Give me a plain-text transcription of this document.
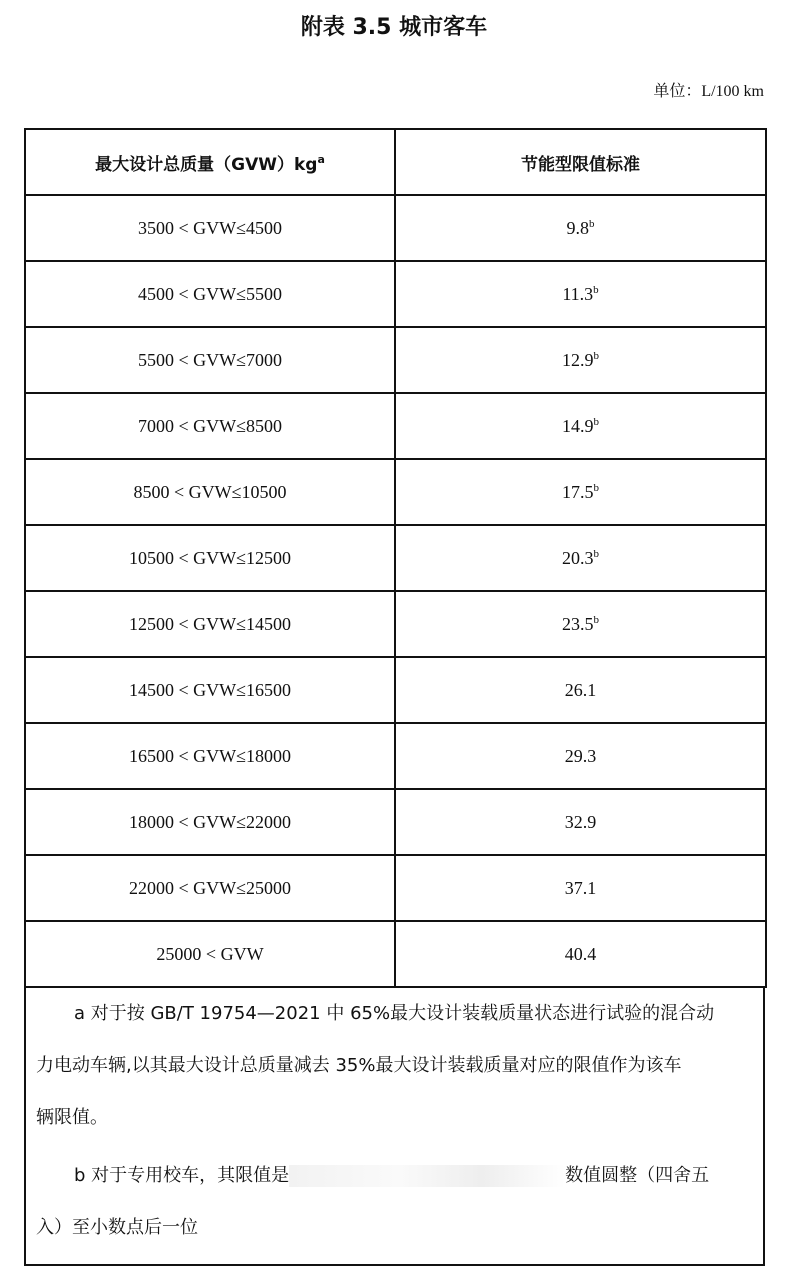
附表 3.5 城市客车
单位：L/100 km
最大设计总质量$(GVW)kg^a$	节能型限值标准
3500 < GVW≤4500	9.8$^b$
4500 < GVW≤5500	11.3$^b$
5500 < GVW≤7000	12.9$^b$
7000 < GVW≤8500	14.9$^b$
8500 < GVW≤10500	17.5$^b$
10500 < GVW≤12500	20.3$^b$
12500 < GVW≤14500	23.5$^b$
14500 < GVW≤16500	26.1
16500 < GVW≤18000	29.3
18000 < GVW≤22000	32.9
22000 < GVW≤25000	37.1
25000 < GVW	40.4
a 对于按 GB/T 19754—2021 中 65%最大设计装载质量状态进行试验的混合动
力电动车辆,以其最大设计总质量减去 35%最大设计装载质量对应的限值作为该车
辆限值。
b 对于专用校车，其限值是	数值圆整（四舍五
入）至小数点后一位
